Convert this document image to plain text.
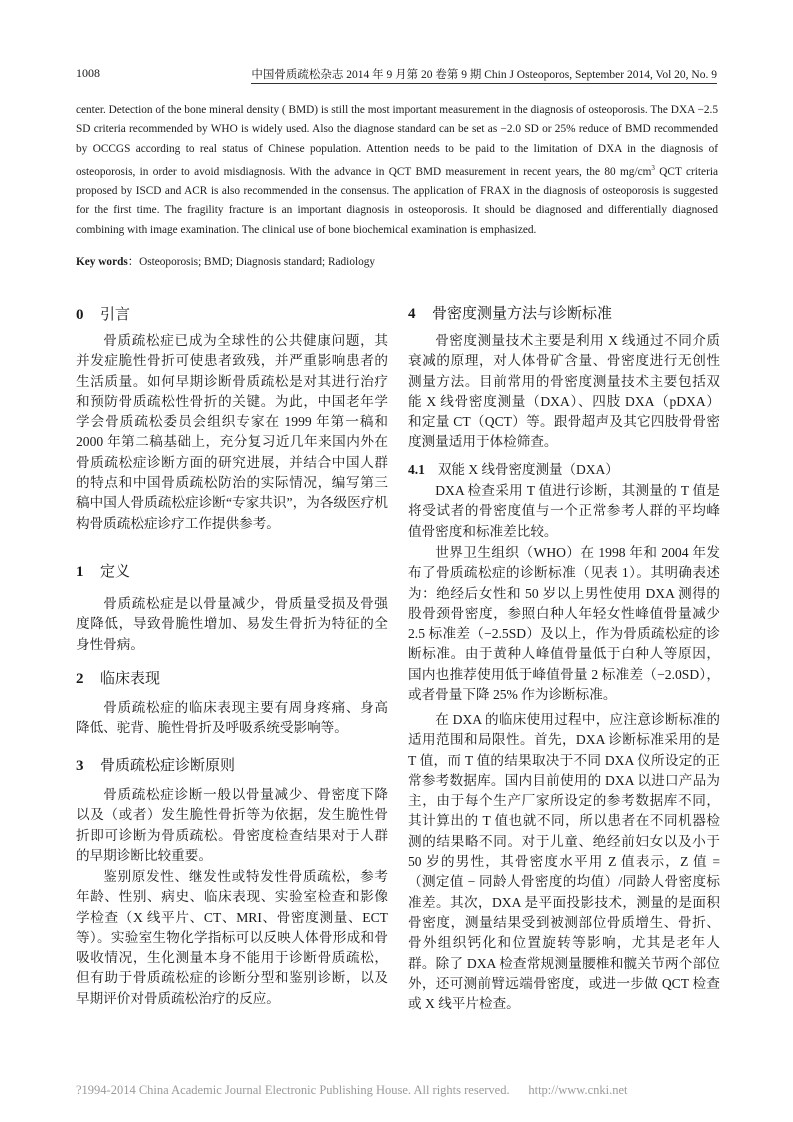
1008	中国骨质疏松杂志 2014 年 9 月第 20 卷第 9 期 Chin J Osteoporos, September 2014, Vol 20, No. 9
center. Detection of the bone mineral density ( BMD) is still the most important measurement in the diagnosis of osteoporosis. The DXA −2.5 SD criteria recommended by WHO is widely used. Also the diagnose standard can be set as −2.0 SD or 25% reduce of BMD recommended by OCCGS according to real status of Chinese population. Attention needs to be paid to the limitation of DXA in the diagnosis of osteoporosis, in order to avoid misdiagnosis. With the advance in QCT BMD measurement in recent years, the 80 $mg/cm^3$ QCT criteria proposed by ISCD and ACR is also recommended in the consensus. The application of FRAX in the diagnosis of osteoporosis is suggested for the first time. The fragility fracture is an important diagnosis in osteoporosis. It should be diagnosed and differentially diagnosed combining with image examination. The clinical use of bone biochemical examination is emphasized.
Key words：Osteoporosis; BMD; Diagnosis standard; Radiology
0 引言
骨质疏松症已成为全球性的公共健康问题，其并发症脆性骨折可使患者致残，并严重影响患者的生活质量。如何早期诊断骨质疏松是对其进行治疗和预防骨质疏松性骨折的关键。为此，中国老年学学会骨质疏松委员会组织专家在 1999 年第一稿和 2000 年第二稿基础上，充分复习近几年来国内外在骨质疏松症诊断方面的研究进展，并结合中国人群的特点和中国骨质疏松防治的实际情况，编写第三稿中国人骨质疏松症诊断“专家共识”，为各级医疗机构骨质疏松症诊疗工作提供参考。
1 定义
骨质疏松症是以骨量减少，骨质量受损及骨强度降低，导致骨脆性增加、易发生骨折为特征的全身性骨病。
2 临床表现
骨质疏松症的临床表现主要有周身疼痛、身高降低、驼背、脆性骨折及呼吸系统受影响等。
3 骨质疏松症诊断原则
骨质疏松症诊断一般以骨量减少、骨密度下降以及（或者）发生脆性骨折等为依据，发生脆性骨折即可诊断为骨质疏松。骨密度检查结果对于人群的早期诊断比较重要。
鉴别原发性、继发性或特发性骨质疏松，参考年龄、性别、病史、临床表现、实验室检查和影像学检查（X 线平片、CT、MRI、骨密度测量、ECT 等）。实验室生物化学指标可以反映人体骨形成和骨吸收情况，生化测量本身不能用于诊断骨质疏松，但有助于骨质疏松症的诊断分型和鉴别诊断，以及早期评价对骨质疏松治疗的反应。
4 骨密度测量方法与诊断标准
骨密度测量技术主要是利用 X 线通过不同介质衰减的原理，对人体骨矿含量、骨密度进行无创性测量方法。目前常用的骨密度测量技术主要包括双能 X 线骨密度测量（DXA）、四肢 DXA（pDXA）和定量 CT（QCT）等。跟骨超声及其它四肢骨骨密度测量适用于体检筛查。
4.1 双能 X 线骨密度测量（DXA）
DXA 检查采用 T 值进行诊断，其测量的 T 值是将受试者的骨密度值与一个正常参考人群的平均峰值骨密度和标准差比较。
世界卫生组织（WHO）在 1998 年和 2004 年发布了骨质疏松症的诊断标准（见表 1）。其明确表述为：绝经后女性和 50 岁以上男性使用 DXA 测得的股骨颈骨密度，参照白种人年轻女性峰值骨量减少 2.5 标准差（−2.5SD）及以上，作为骨质疏松症的诊断标准。由于黄种人峰值骨量低于白种人等原因，国内也推荐使用低于峰值骨量 2 标准差（−2.0SD），或者骨量下降 25% 作为诊断标准。
在 DXA 的临床使用过程中，应注意诊断标准的适用范围和局限性。首先，DXA 诊断标准采用的是 T 值，而 T 值的结果取决于不同 DXA 仪所设定的正常参考数据库。国内目前使用的 DXA 以进口产品为主，由于每个生产厂家所设定的参考数据库不同，其计算出的 T 值也就不同，所以患者在不同机器检测的结果略不同。对于儿童、绝经前妇女以及小于 50 岁的男性，其骨密度水平用 Z 值表示，Z 值 =（测定值 − 同龄人骨密度的均值）/同龄人骨密度标准差。其次，DXA 是平面投影技术，测量的是面积骨密度，测量结果受到被测部位骨质增生、骨折、骨外组织钙化和位置旋转等影响，尤其是老年人群。除了 DXA 检查常规测量腰椎和髋关节两个部位外，还可测前臂远端骨密度，或进一步做 QCT 检查或 X 线平片检查。
?1994-2014 China Academic Journal Electronic Publishing House. All rights reserved. http://www.cnki.net
